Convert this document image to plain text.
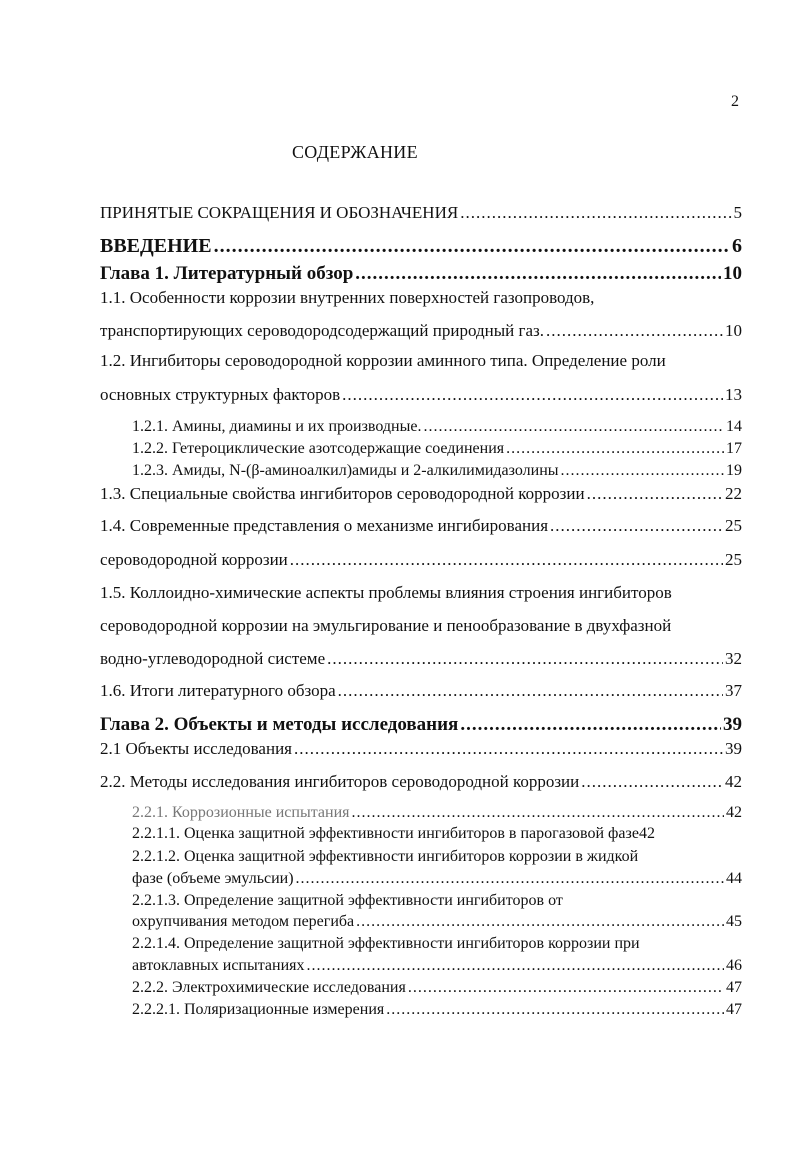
2
СОДЕРЖАНИЕ
ПРИНЯТЫЕ СОКРАЩЕНИЯ И ОБОЗНАЧЕНИЯ .....	5
ВВЕДЕНИЕ .....	6
Глава 1. Литературный обзор .....	10
1.1. Особенности коррозии внутренних поверхностей газопроводов,
транспортирующих сероводородсодержащий природный газ. .....	10
1.2. Ингибиторы сероводородной коррозии аминного типа. Определение роли
основных структурных факторов .....	13
1.2.1. Амины, диамины и их производные. .....	14
1.2.2. Гетероциклические азотсодержащие соединения .....	17
1.2.3. Амиды, N-(β-аминоалкил)амиды и 2-алкилимидазолины .....	19
1.3. Специальные свойства ингибиторов сероводородной коррозии .....	22
1.4. Современные представления о механизме ингибирования .....	25
сероводородной коррозии .....	25
1.5. Коллоидно-химические аспекты проблемы влияния строения ингибиторов
сероводородной коррозии на эмульгирование и пенообразование в двухфазной
водно-углеводородной системе .....	32
1.6. Итоги литературного обзора .....	37
Глава 2. Объекты и методы исследования .....	39
2.1 Объекты исследования .....	39
2.2. Методы исследования ингибиторов сероводородной коррозии .....	42
2.2.1. Коррозионные испытания .....	42
2.2.1.1. Оценка защитной эффективности ингибиторов в парогазовой фазе 42
2.2.1.2. Оценка защитной эффективности ингибиторов коррозии в жидкой
фазе (объеме эмульсии) .....	44
2.2.1.3. Определение защитной эффективности ингибиторов от
охрупчивания методом перегиба .....	45
2.2.1.4. Определение защитной эффективности ингибиторов коррозии при
автоклавных испытаниях .....	46
2.2.2. Электрохимические исследования .....	47
2.2.2.1. Поляризационные измерения .....	47
